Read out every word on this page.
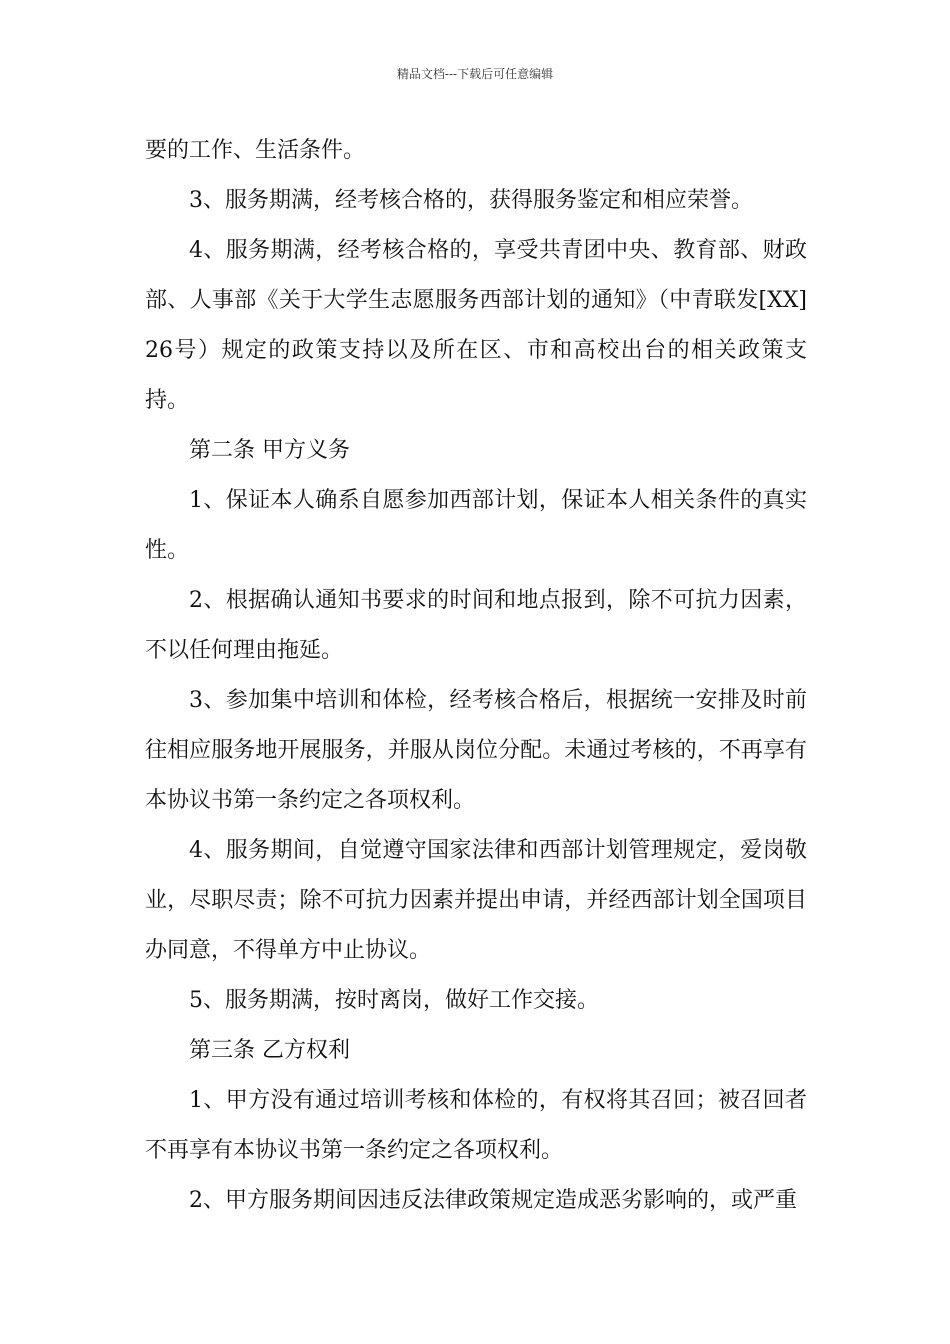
精品文档---下载后可任意编辑

要的工作、生活条件。

3、服务期满，经考核合格的，获得服务鉴定和相应荣誉。

4、服务期满，经考核合格的，享受共青团中央、教育部、财政部、人事部《关于大学生志愿服务西部计划的通知》（中青联发[XX]26号）规定的政策支持以及所在区、市和高校出台的相关政策支持。

第二条 甲方义务

1、保证本人确系自愿参加西部计划，保证本人相关条件的真实性。

2、根据确认通知书要求的时间和地点报到，除不可抗力因素，不以任何理由拖延。

3、参加集中培训和体检，经考核合格后，根据统一安排及时前往相应服务地开展服务，并服从岗位分配。未通过考核的，不再享有本协议书第一条约定之各项权利。

4、服务期间，自觉遵守国家法律和西部计划管理规定，爱岗敬业，尽职尽责；除不可抗力因素并提出申请，并经西部计划全国项目办同意，不得单方中止协议。

5、服务期满，按时离岗，做好工作交接。

第三条 乙方权利

1、甲方没有通过培训考核和体检的，有权将其召回；被召回者不再享有本协议书第一条约定之各项权利。

2、甲方服务期间因违反法律政策规定造成恶劣影响的，或严重
